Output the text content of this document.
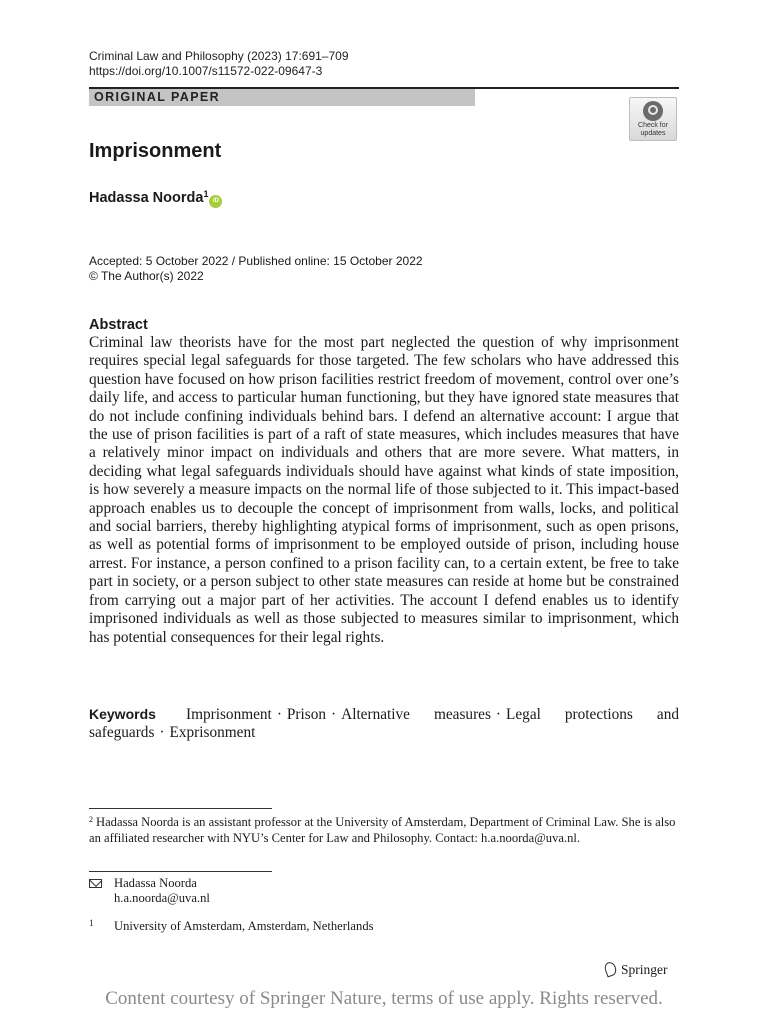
Criminal Law and Philosophy (2023) 17:691–709
https://doi.org/10.1007/s11572-022-09647-3
ORIGINAL PAPER
Check for
updates
Imprisonment
Hadassa Noorda$^1$iD
Accepted: 5 October 2022 / Published online: 15 October 2022
© The Author(s) 2022
Abstract
Criminal law theorists have for the most part neglected the question of why imprisonment requires special legal safeguards for those targeted. The few scholars who have addressed this question have focused on how prison facilities restrict freedom of movement, control over one’s daily life, and access to particular human functioning, but they have ignored state measures that do not include confining individuals behind bars. I defend an alternative account: I argue that the use of prison facilities is part of a raft of state measures, which includes measures that have a relatively minor impact on individuals and others that are more severe. What matters, in deciding what legal safeguards individuals should have against what kinds of state imposition, is how severely a measure impacts on the normal life of those subjected to it. This impact-based approach enables us to decouple the concept of imprisonment from walls, locks, and political and social barriers, thereby highlighting atypical forms of imprisonment, such as open prisons, as well as potential forms of imprisonment to be employed outside of prison, including house arrest. For instance, a person confined to a prison facility can, to a certain extent, be free to take part in society, or a person subject to other state measures can reside at home but be constrained from carrying out a major part of her activities. The account I defend enables us to identify imprisoned individuals as well as those subjected to measures similar to imprisonment, which has potential consequences for their legal rights.
Keywords Imprisonment · Prison · Alternative measures · Legal protections and safeguards · Exprisonment
$^2$ Hadassa Noorda is an assistant professor at the University of Amsterdam, Department of Criminal Law. She is also an affiliated researcher with NYU’s Center for Law and Philosophy. Contact: h.a.noorda@uva.nl.
Hadassa Noorda
h.a.noorda@uva.nl
1 University of Amsterdam, Amsterdam, Netherlands
Springer
Content courtesy of Springer Nature, terms of use apply. Rights reserved.
